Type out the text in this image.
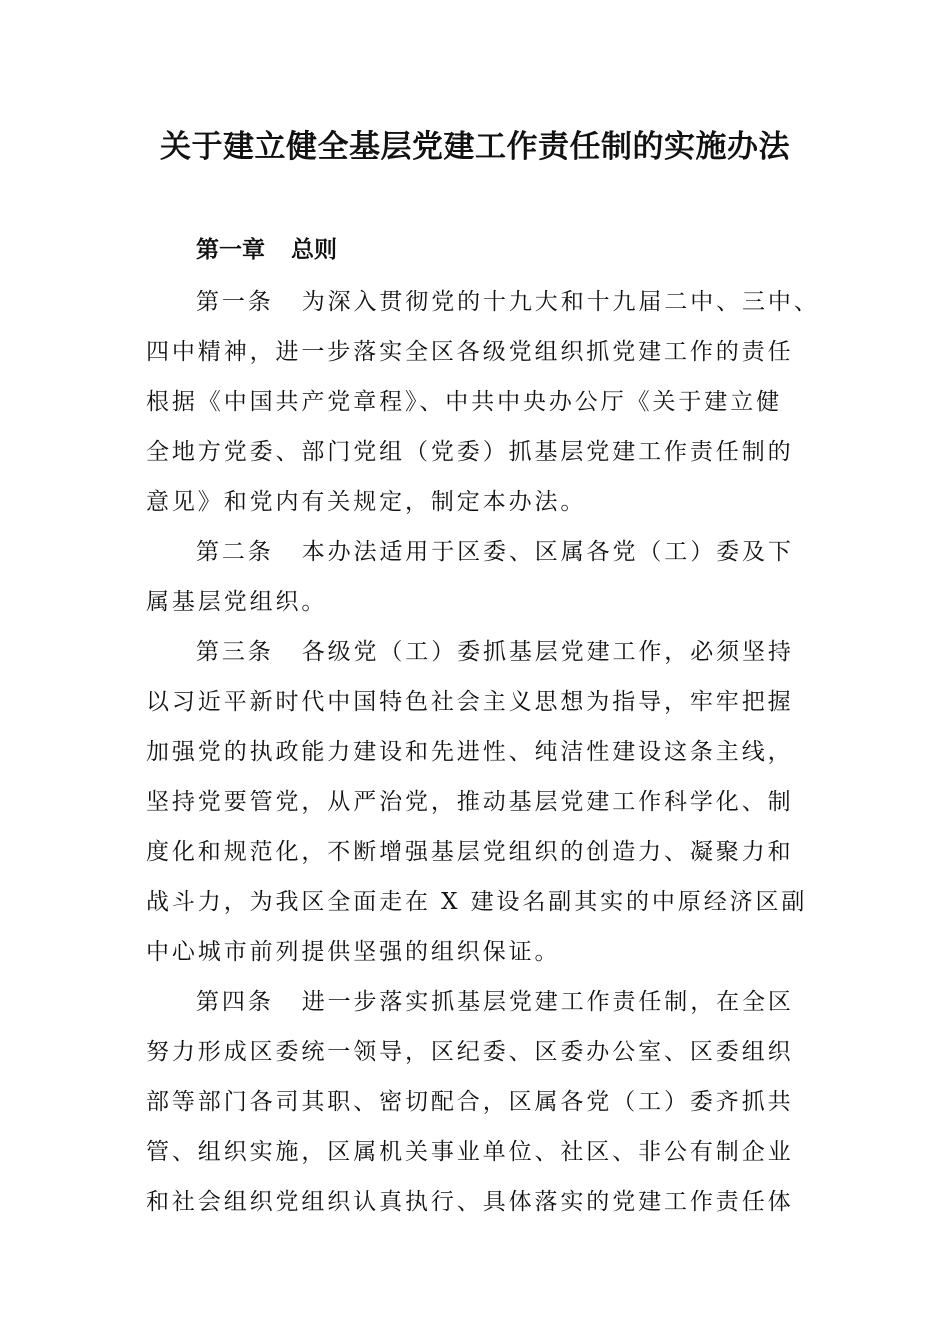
关于建立健全基层党建工作责任制的实施办法
第一章 总则

第一条 为深入贯彻党的十九大和十九届二中、三中、

四中精神，进一步落实全区各级党组织抓党建工作的责任

根据《中国共产党章程》、中共中央办公厅《关于建立健

全地方党委、部门党组（党委）抓基层党建工作责任制的

意见》和党内有关规定，制定本办法。

第二条 本办法适用于区委、区属各党（工）委及下

属基层党组织。

第三条 各级党（工）委抓基层党建工作，必须坚持

以习近平新时代中国特色社会主义思想为指导，牢牢把握

加强党的执政能力建设和先进性、纯洁性建设这条主线，

坚持党要管党，从严治党，推动基层党建工作科学化、制

度化和规范化，不断增强基层党组织的创造力、凝聚力和

战斗力，为我区全面走在 X 建设名副其实的中原经济区副

中心城市前列提供坚强的组织保证。

第四条 进一步落实抓基层党建工作责任制，在全区

努力形成区委统一领导，区纪委、区委办公室、区委组织

部等部门各司其职、密切配合，区属各党（工）委齐抓共

管、组织实施，区属机关事业单位、社区、非公有制企业

和社会组织党组织认真执行、具体落实的党建工作责任体
